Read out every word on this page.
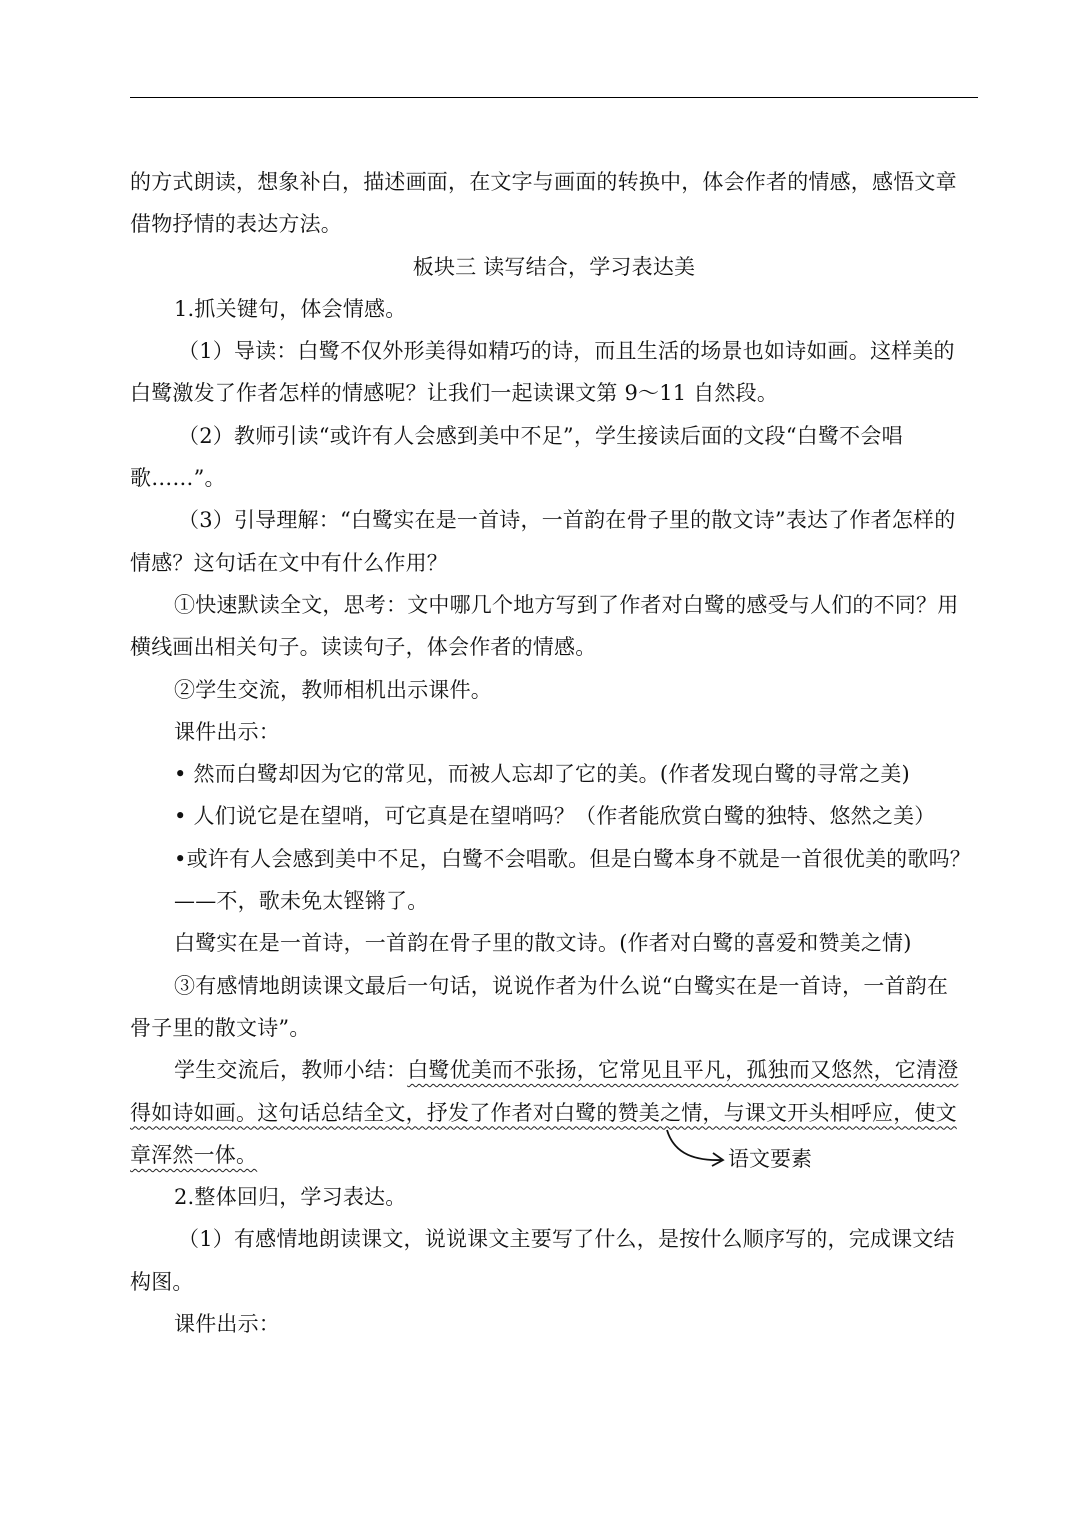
的方式朗读，想象补白，描述画面，在文字与画面的转换中，体会作者的情感，感悟文章
借物抒情的表达方法。
板块三 读写结合，学习表达美
1.抓关键句，体会情感。
（1）导读：白鹭不仅外形美得如精巧的诗，而且生活的场景也如诗如画。这样美的
白鹭激发了作者怎样的情感呢？让我们一起读课文第 9～11 自然段。
（2）教师引读“或许有人会感到美中不足”，学生接读后面的文段“白鹭不会唱
歌……”。
（3）引导理解：“白鹭实在是一首诗，一首韵在骨子里的散文诗”表达了作者怎样的
情感？这句话在文中有什么作用？
①快速默读全文，思考：文中哪几个地方写到了作者对白鹭的感受与人们的不同？用
横线画出相关句子。读读句子，体会作者的情感。
②学生交流，教师相机出示课件。
课件出示：
• 然而白鹭却因为它的常见，而被人忘却了它的美。(作者发现白鹭的寻常之美)
• 人们说它是在望哨，可它真是在望哨吗？（作者能欣赏白鹭的独特、悠然之美）
•或许有人会感到美中不足，白鹭不会唱歌。但是白鹭本身不就是一首很优美的歌吗？
——不，歌未免太铿锵了。
白鹭实在是一首诗，一首韵在骨子里的散文诗。(作者对白鹭的喜爱和赞美之情)
③有感情地朗读课文最后一句话，说说作者为什么说“白鹭实在是一首诗，一首韵在
骨子里的散文诗”。
学生交流后，教师小结：白鹭优美而不张扬，它常见且平凡，孤独而又悠然，它清澄
得如诗如画。这句话总结全文，抒发了作者对白鹭的赞美之情，与课文开头相呼应，使文
章浑然一体。
2.整体回归，学习表达。
（1）有感情地朗读课文，说说课文主要写了什么，是按什么顺序写的，完成课文结
构图。
课件出示：
语文要素
